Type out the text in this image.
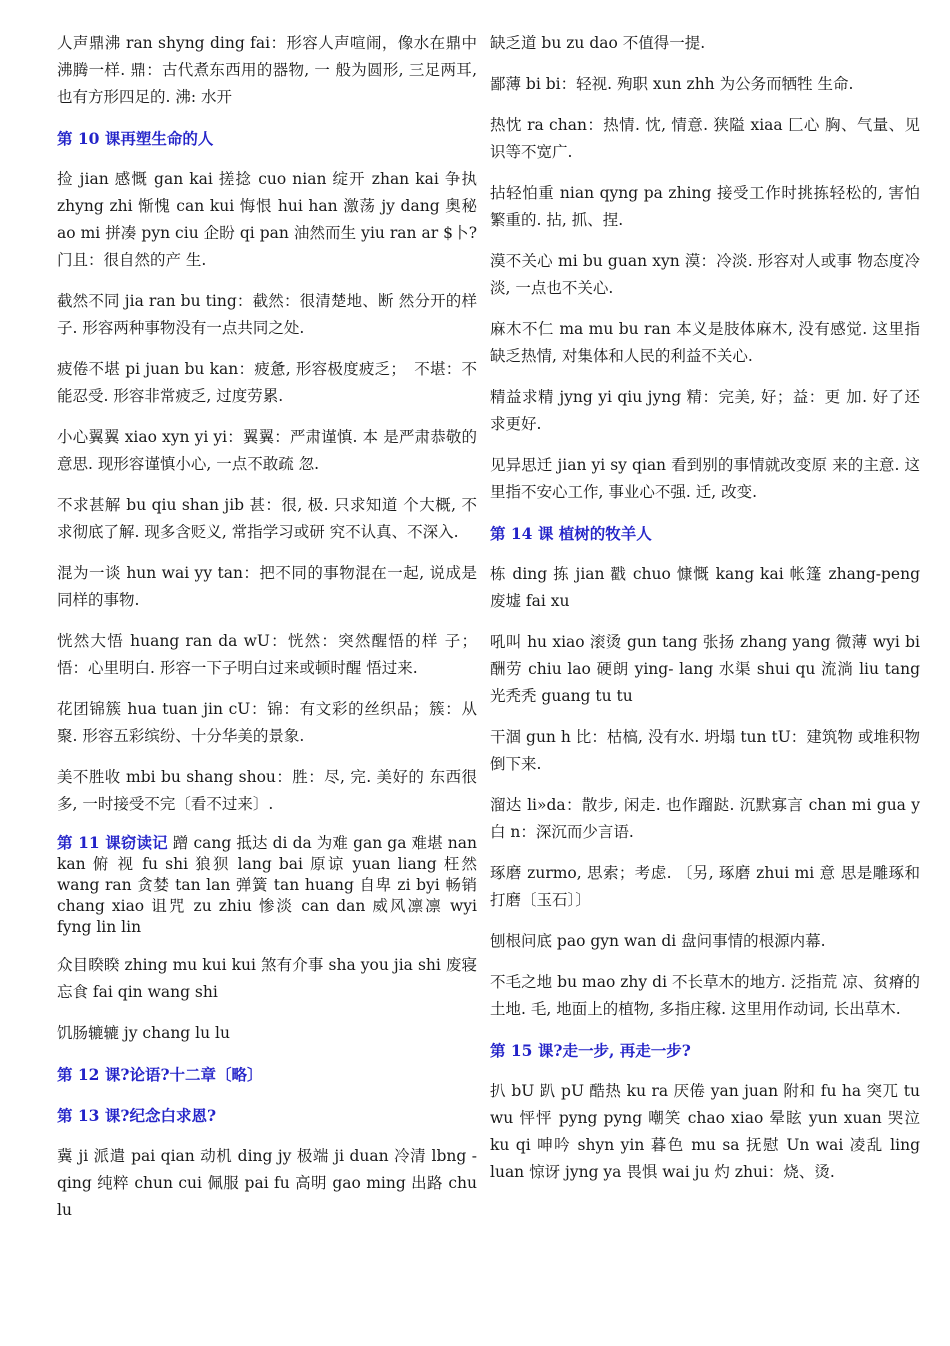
人声鼎沸 ran shyng ding fai：形容人声喧闹，像水在鼎中沸腾一样. 鼎：古代煮东西用的器物, 一 般为圆形, 三足两耳, 也有方形四足的. 沸: 水开

第 10 课再塑生命的人

捡 jian 感慨 gan kai 搓捻 cuo nian 绽开 zhan kai 争执 zhyng zhi 惭愧 can kui 悔恨 hui han 激荡 jy dang 奥秘 ao mi 拼凑 pyn ciu 企盼 qi pan 油然而生 yiu ran ar $卜?门且：很自然的产 生.

截然不同 jia ran bu ting：截然：很清楚地、断 然分开的样子. 形容两种事物没有一点共同之处.

疲倦不堪 pi juan bu kan：疲惫, 形容极度疲乏；　不堪：不能忍受. 形容非常疲乏, 过度劳累.

小心翼翼 xiao xyn yi yi：翼翼：严肃谨慎. 本 是严肃恭敬的意思. 现形容谨慎小心, 一点不敢疏 忽.

不求甚解 bu qiu shan jib 甚：很, 极. 只求知道 个大概, 不求彻底了解. 现多含贬义, 常指学习或研 究不认真、不深入.

混为一谈 hun wai yy tan：把不同的事物混在一起, 说成是同样的事物.

恍然大悟 huang ran da wU：恍然：突然醒悟的样 子；悟：心里明白. 形容一下子明白过来或顿时醒 悟过来.

花团锦簇 hua tuan jin cU：锦：有文彩的丝织品；簇：从聚. 形容五彩缤纷、十分华美的景象.

美不胜收 mbi bu shang shou：胜：尽, 完. 美好的 东西很多, 一时接受不完〔看不过来〕.

第 11 课窃读记 蹭 cang 抵达 di da 为难 gan ga 难堪 nan kan 俯 视 fu shi 狼狈 lang bai 原谅 yuan liang 枉然 wang ran 贪婪 tan lan 弹簧 tan huang 自卑 zi byi 畅销 chang xiao 诅咒 zu zhiu 惨淡 can dan 威风凛凛 wyi fyng lin lin

众目睽睽 zhing mu kui kui 煞有介事 sha you jia shi 废寝忘食 fai qin wang shi

饥肠辘辘 jy chang lu lu

第 12 课?论语?十二章〔略〕

第 13 课?纪念白求恩?

冀 ji 派遣 pai qian 动机 ding jy 极端 ji duan 冷清 lbng -qing 纯粹 chun cui 佩服 pai fu 高明 gao ming 出路 chu lu

缺乏道 bu zu dao 不值得一提.

鄙薄 bi bi：轻视. 殉职 xun zhh 为公务而牺牲 生命.

热忱 ra chan：热情. 忱, 情意. 狭隘 xiaa 匚心 胸、气量、见识等不宽广.

拈轻怕重 nian qyng pa zhing 接受工作时挑拣轻松的, 害怕繁重的. 拈, 抓、捏.

漠不关心 mi bu guan xyn 漠：冷淡. 形容对人或事 物态度冷淡, 一点也不关心.

麻木不仁 ma mu bu ran 本义是肢体麻木, 没有感觉. 这里指缺乏热情, 对集体和人民的利益不关心.

精益求精 jyng yi qiu jyng 精：完美, 好；益：更 加. 好了还求更好.

见异思迁 jian yi sy qian 看到别的事情就改变原 来的主意. 这里指不安心工作, 事业心不强. 迁, 改变.

第 14 课 植树的牧羊人

栋 ding 拣 jian 戳 chuo 慷慨 kang kai 帐篷 zhang-peng 废墟 fai xu

吼叫 hu xiao 滚烫 gun tang 张扬 zhang yang 微薄 wyi bi 酬劳 chiu lao 硬朗 ying- lang 水渠 shui qu 流淌 liu tang 光秃秃 guang tu tu

干涸 gun h 比：枯槁, 没有水. 坍塌 tun tU：建筑物 或堆积物倒下来.

溜达 li»da：散步, 闲走. 也作蹓跶. 沉默寡言 chan mi gua y 白 n：深沉而少言语.

琢磨 zurmo, 思索；考虑. 〔另, 琢磨 zhui mi 意 思是雕琢和打磨〔玉石〕〕

刨根问底 pao gyn wan di 盘问事情的根源内幕.

不毛之地 bu mao zhy di 不长草木的地方. 泛指荒 凉、贫瘠的土地. 毛, 地面上的植物, 多指庄稼. 这里用作动词, 长出草木.

第 15 课?走一步, 再走一步?

扒 bU 趴 pU 酷热 ku ra 厌倦 yan juan 附和 fu ha 突兀 tu wu 怦怦 pyng pyng 嘲笑 chao xiao 晕眩 yun xuan 哭泣 ku qi 呻吟 shyn yin 暮色 mu sa 抚慰 Un wai 凌乱 ling luan 惊讶 jyng ya 畏惧 wai ju 灼 zhui：烧、烫.
